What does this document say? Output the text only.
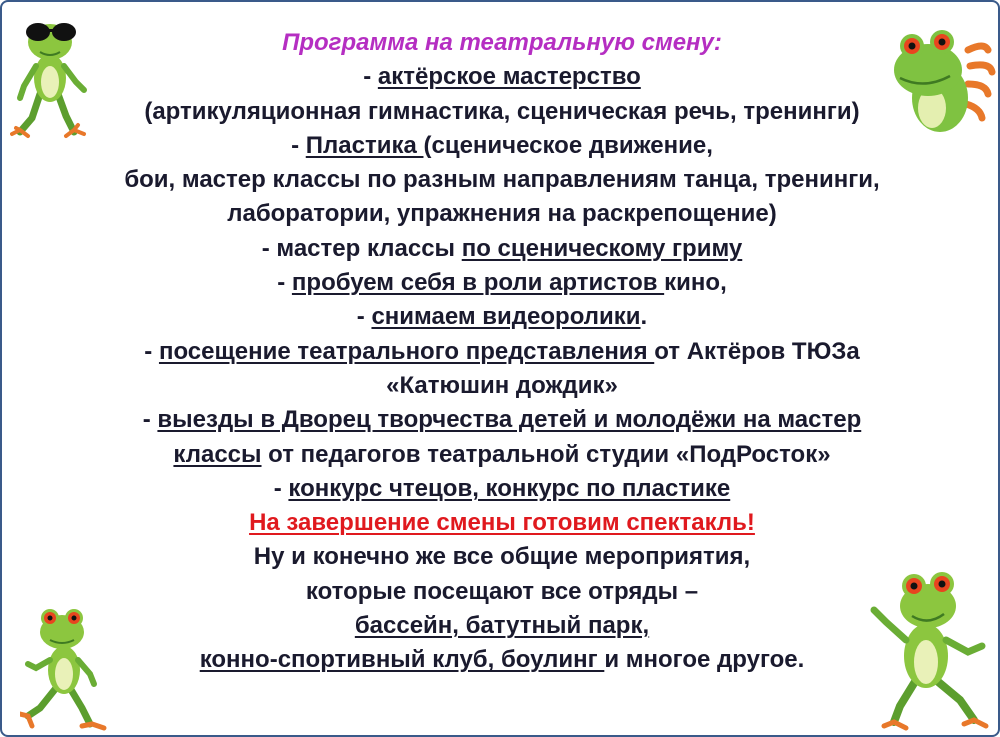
Программа на театральную смену:
- актёрское мастерство
(артикуляционная гимнастика, сценическая речь, тренинги)
- Пластика (сценическое движение,
бои, мастер классы по разным направлениям танца, тренинги,
лаборатории, упражнения на раскрепощение)
- мастер классы по сценическому гриму
- пробуем себя в роли артистов кино,
- снимаем видеоролики.
- посещение театрального представления от Актёров ТЮЗа
«Катюшин дождик»
- выезды в Дворец творчества детей и молодёжи на мастер
классы от педагогов театральной студии «ПодРосток»
- конкурс чтецов, конкурс по пластике
На завершение смены готовим спектакль!
Ну и конечно же все общие мероприятия,
которые посещают все отряды –
бассейн, батутный парк,
конно-спортивный клуб, боулинг и многое другое.
